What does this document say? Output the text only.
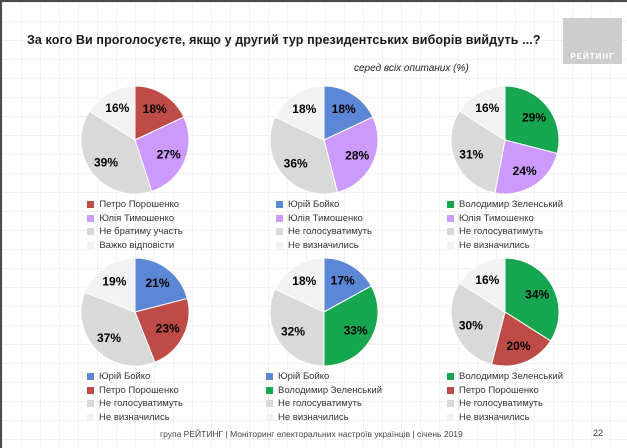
За кого Ви проголосуєте, якщо у другий тур президентських виборів вийдуть ...?
РЕЙТИНГ
серед всіх опитаних (%)
18%
27%
39%
16%
Петро Порошенко
Юлія Тимошенко
Не братиму участь
Важко відповісти
18%
28%
36%
18%
Юрій Бойко
Юлія Тимошенко
Не голосуватимуть
Не визначились
29%
24%
31%
16%
Володимир Зеленський
Юлія Тимошенко
Не голосуватимуть
Не визначились
21%
23%
37%
19%
Юрій Бойко
Петро Порошенко
Не голосуватимуть
Не визначились
17%
33%
32%
18%
Юрій Бойко
Володимир Зеленський
Не голосуватимуть
Не визначились
34%
20%
30%
16%
Володимир Зеленський
Петро Порошенко
Не голосуватимуть
Не визначились
група РЕЙТИНГ | Моніторинг електоральних настроїв українців | січень 2019	22
